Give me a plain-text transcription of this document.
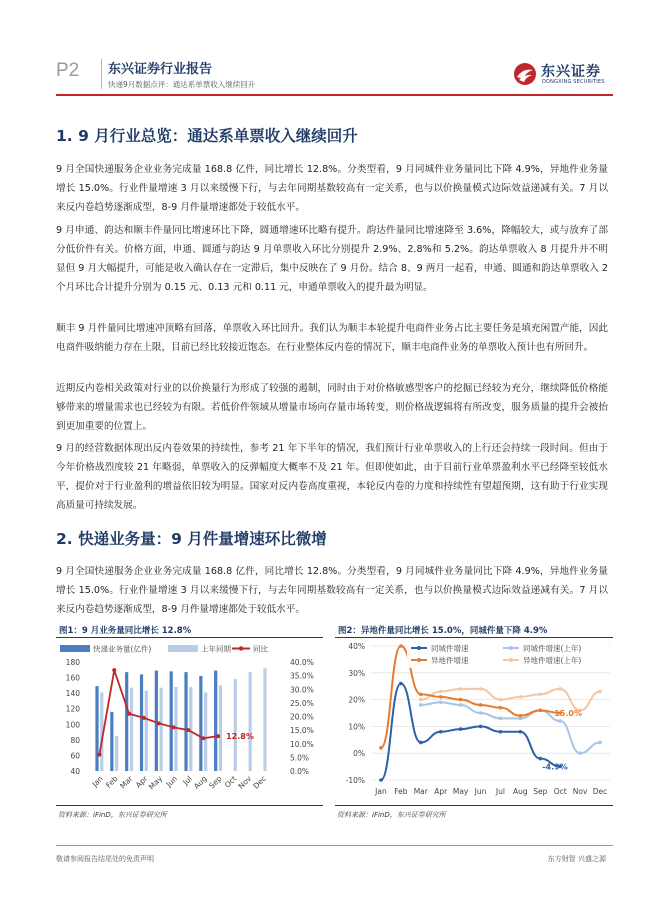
P2 东兴证券行业报告
快递9月数据点评：通达系单票收入继续回升
东兴证券
DONGXING SECURITIES
1. 9 月行业总览：通达系单票收入继续回升

9 月全国快递服务企业业务完成量 168.8 亿件，同比增长 12.8%。分类型看，9 月同城件业务量同比下降 4.9%，异地件业务量增长 15.0%。行业件量增速 3 月以来缓慢下行，与去年同期基数较高有一定关系，也与以价换量模式边际效益递减有关。7 月以来反内卷趋势逐渐成型，8-9 月件量增速都处于较低水平。

9 月申通、韵达和顺丰件量同比增速环比下降，圆通增速环比略有提升。韵达件量同比增速降至 3.6%，降幅较大，或与放弃了部分低价件有关。价格方面，申通、圆通与韵达 9 月单票收入环比分别提升 2.9%、2.8%和 5.2%。韵达单票收入 8 月提升并不明显但 9 月大幅提升，可能是收入确认存在一定滞后，集中反映在了 9 月份。结合 8、9 两月一起看，申通、圆通和韵达单票收入 2 个月环比合计提升分别为 0.15 元、0.13 元和 0.11 元，申通单票收入的提升最为明显。

顺丰 9 月件量同比增速冲顶略有回落，单票收入环比回升。我们认为顺丰本轮提升电商件业务占比主要任务是填充闲置产能，因此电商件吸纳能力存在上限，目前已经比较接近饱态。在行业整体反内卷的情况下，顺丰电商件业务的单票收入预计也有所回升。

近期反内卷相关政策对行业的以价换量行为形成了较强的遏制，同时由于对价格敏感型客户的挖掘已经较为充分，继续降低价格能够带来的增量需求也已经较为有限。若低价件领域从增量市场向存量市场转变，则价格战逻辑将有所改变，服务质量的提升会被抬到更加重要的位置上。

9 月的经营数据体现出反内卷效果的持续性，参考 21 年下半年的情况，我们预计行业单票收入的上行还会持续一段时间。但由于今年价格战烈度较 21 年略弱，单票收入的反弹幅度大概率不及 21 年。但即使如此，由于目前行业单票盈利水平已经降至较低水平，提价对于行业盈利的增益依旧较为明显。国家对反内卷高度重视，本轮反内卷的力度和持续性有望超预期，这有助于行业实现高质量可持续发展。

2. 快递业务量：9 月件量增速环比微增

9 月全国快递服务企业业务完成量 168.8 亿件，同比增长 12.8%。分类型看，9 月同城件业务量同比下降 4.9%，异地件业务量增长 15.0%。行业件量增速 3 月以来缓慢下行，与去年同期基数较高有一定关系，也与以价换量模式边际效益递减有关。7 月以来反内卷趋势逐渐成型，8-9 月件量增速都处于较低水平。

图1：9 月业务量同比增长 12.8%
快递业务量(亿件)	上年同期	同比
40
60
80
100
120
140
160
180
0.0%
5.0%
10.0%
15.0%
20.0%
25.0%
30.0%
35.0%
40.0%
Jan Feb
Mar Apr
May Jun Jul
Aug
Sep Oct
Nov
Dec
12.8%
资料来源：iFinD，东兴证券研究所
图2：异地件量同比增长 15.0%，同城件量下降 4.9%
-10%
0%
10%
20%
30%
40%
Jan Feb Mar Apr May Jun Jul Aug Sep Oct Nov Dec
同城件增速
异地件增速
同城件增速(上年)
异地件增速(上年)
15.0%
-4.9%
资料来源：iFinD，东兴证券研究所
敬请参阅报告结尾处的免责声明	东方财智 兴盛之源
